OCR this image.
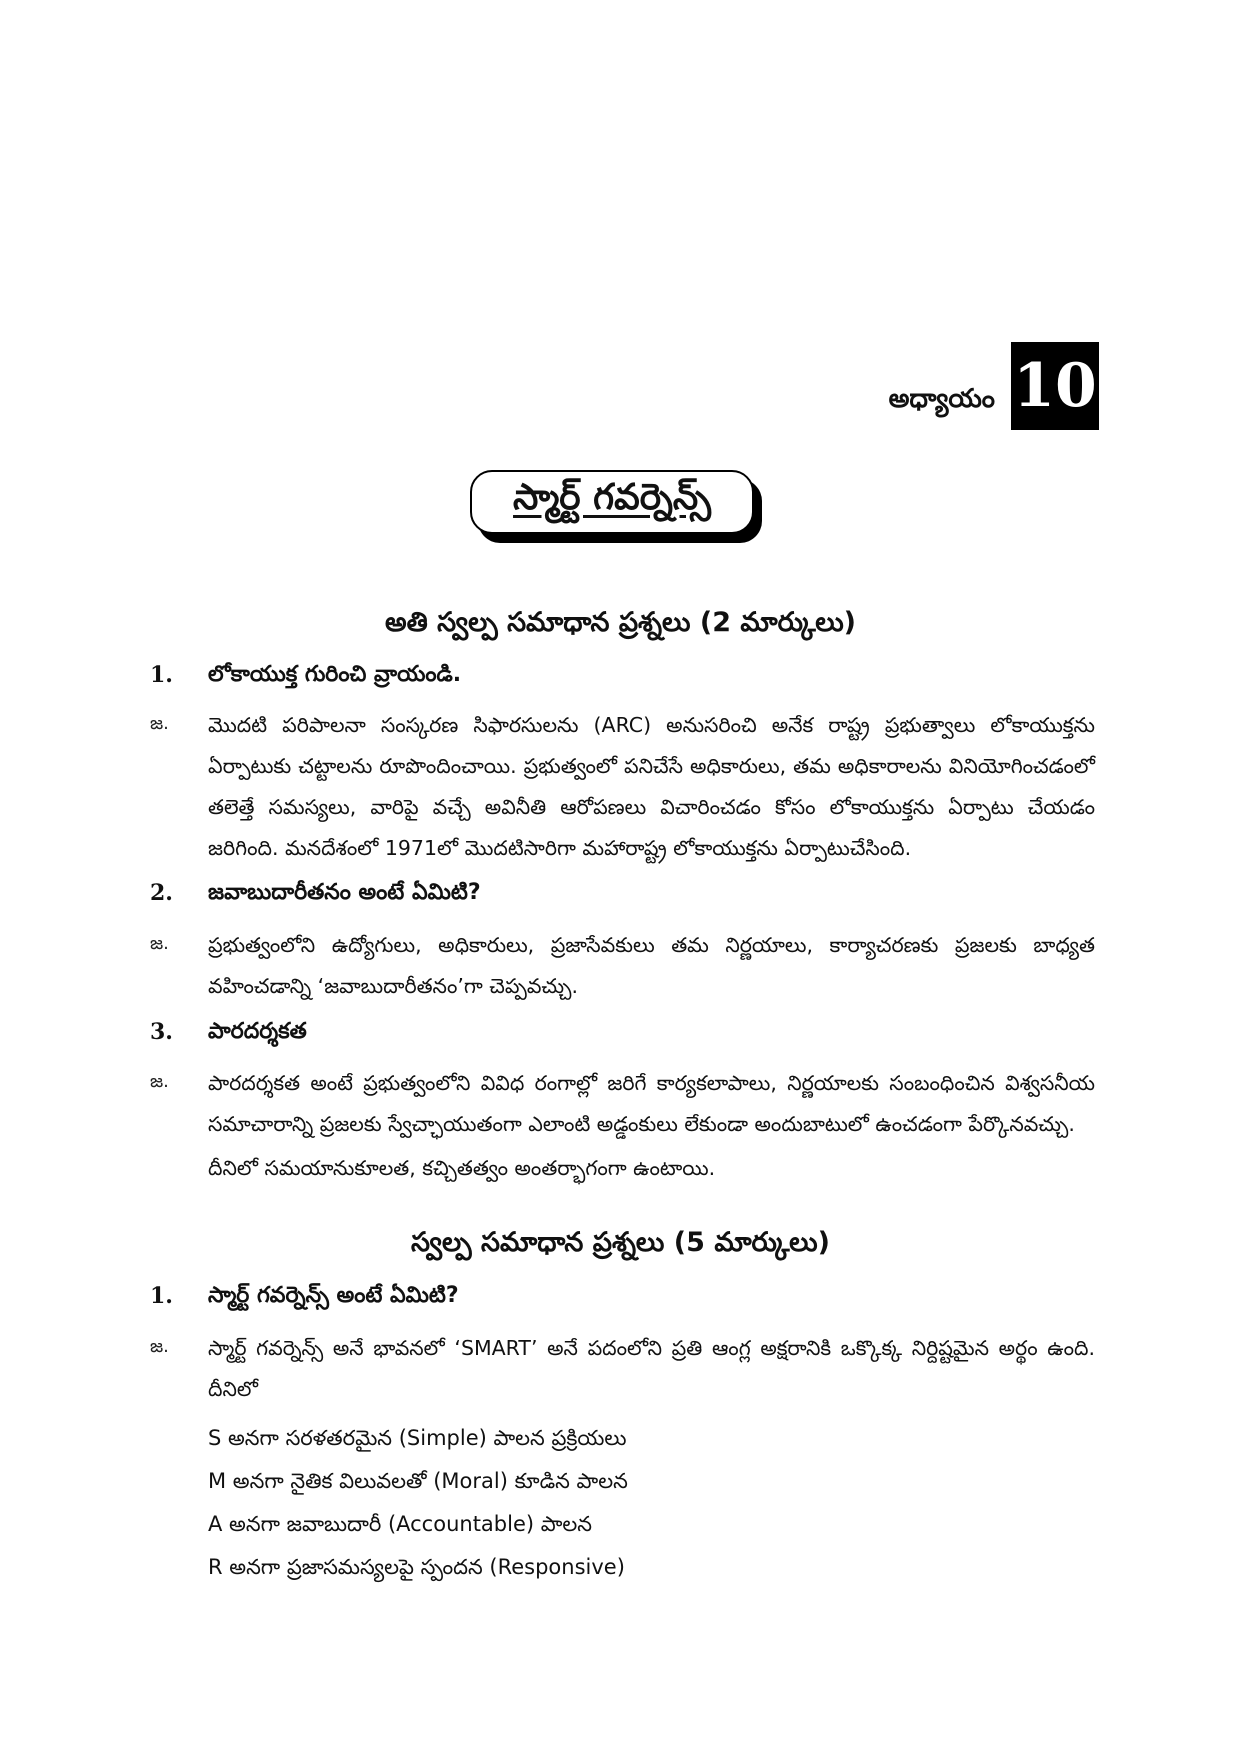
అధ్యాయం 10
స్మార్ట్ గవర్నెన్స్
అతి స్వల్ప సమాధాన ప్రశ్నలు (2 మార్కులు)
1.	లోకాయుక్త గురించి వ్రాయండి.
జ.	మొదటి పరిపాలనా సంస్కరణ సిఫారసులను (ARC) అనుసరించి అనేక రాష్ట్ర ప్రభుత్వాలు లోకాయుక్తను ఏర్పాటుకు చట్టాలను రూపొందించాయి. ప్రభుత్వంలో పనిచేసే అధికారులు, తమ అధికారాలను వినియోగించడంలో తలెత్తే సమస్యలు, వారిపై వచ్చే అవినీతి ఆరోపణలు విచారించడం కోసం లోకాయుక్తను ఏర్పాటు చేయడం జరిగింది. మనదేశంలో 1971లో మొదటిసారిగా మహారాష్ట్ర లోకాయుక్తను ఏర్పాటుచేసింది.
2.	జవాబుదారీతనం అంటే ఏమిటి?
జ.	ప్రభుత్వంలోని ఉద్యోగులు, అధికారులు, ప్రజాసేవకులు తమ నిర్ణయాలు, కార్యాచరణకు ప్రజలకు బాధ్యత వహించడాన్ని ‘జవాబుదారీతనం’గా చెప్పవచ్చు.
3.	పారదర్శకత
జ.	పారదర్శకత అంటే ప్రభుత్వంలోని వివిధ రంగాల్లో జరిగే కార్యకలాపాలు, నిర్ణయాలకు సంబంధించిన విశ్వసనీయ సమాచారాన్ని ప్రజలకు స్వేచ్ఛాయుతంగా ఎలాంటి అడ్డంకులు లేకుండా అందుబాటులో ఉంచడంగా పేర్కొనవచ్చు.
దీనిలో సమయానుకూలత, కచ్చితత్వం అంతర్భాగంగా ఉంటాయి.
స్వల్ప సమాధాన ప్రశ్నలు (5 మార్కులు)
1.	స్మార్ట్ గవర్నెన్స్ అంటే ఏమిటి?
జ.	స్మార్ట్ గవర్నెన్స్ అనే భావనలో ‘SMART’ అనే పదంలోని ప్రతి ఆంగ్ల అక్షరానికి ఒక్కొక్క నిర్దిష్టమైన అర్థం ఉంది. దీనిలో
S అనగా సరళతరమైన (Simple) పాలన ప్రక్రియలు
M అనగా నైతిక విలువలతో (Moral) కూడిన పాలన
A అనగా జవాబుదారీ (Accountable) పాలన
R అనగా ప్రజాసమస్యలపై స్పందన (Responsive)
